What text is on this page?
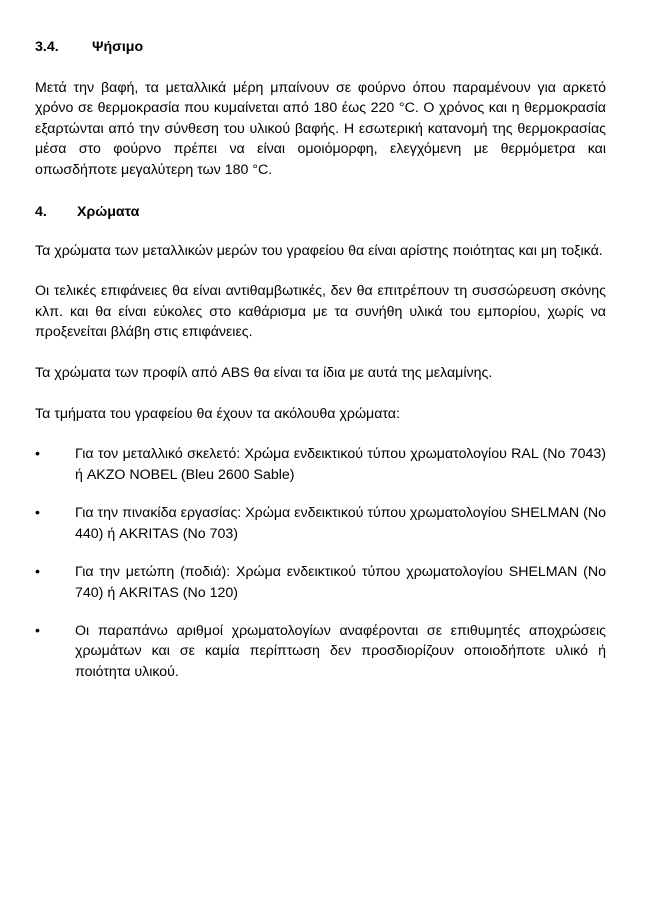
3.4.	Ψήσιμο

Μετά την βαφή, τα μεταλλικά μέρη μπαίνουν σε φούρνο όπου παραμένουν για αρκετό χρόνο σε θερμοκρασία που κυμαίνεται από 180 έως 220 °C. Ο χρόνος και η θερμοκρασία εξαρτώνται από την σύνθεση του υλικού βαφής. Η εσωτερική κατανομή της θερμοκρασίας μέσα στο φούρνο πρέπει να είναι ομοιόμορφη, ελεγχόμενη με θερμόμετρα και οπωσδήποτε μεγαλύτερη των 180 °C.

4.	Χρώματα

Τα χρώματα των μεταλλικών μερών του γραφείου θα είναι αρίστης ποιότητας και μη τοξικά.

Οι τελικές επιφάνειες θα είναι αντιθαμβωτικές, δεν θα επιτρέπουν τη συσσώρευση σκόνης κλπ. και θα είναι εύκολες στο καθάρισμα με τα συνήθη υλικά του εμπορίου, χωρίς να προξενείται βλάβη στις επιφάνειες.

Τα χρώματα των προφίλ από ABS θα είναι τα ίδια με αυτά της μελαμίνης.

Τα τμήματα του γραφείου θα έχουν τα ακόλουθα χρώματα:

•	Για τον μεταλλικό σκελετό: Χρώμα ενδεικτικού τύπου χρωματολογίου RAL (No 7043) ή AKZO NOBEL (Bleu 2600 Sable)
•	Για την πινακίδα εργασίας: Χρώμα ενδεικτικού τύπου χρωματολογίου SHELMAN (No 440) ή AKRITAS (No 703)
•	Για την μετώπη (ποδιά): Χρώμα ενδεικτικού τύπου χρωματολογίου SHELMAN (No 740) ή AKRITAS (No 120)
•	Οι παραπάνω αριθμοί χρωματολογίων αναφέρονται σε επιθυμητές αποχρώσεις χρωμάτων και σε καμία περίπτωση δεν προσδιορίζουν οποιοδήποτε υλικό ή ποιότητα υλικού.
